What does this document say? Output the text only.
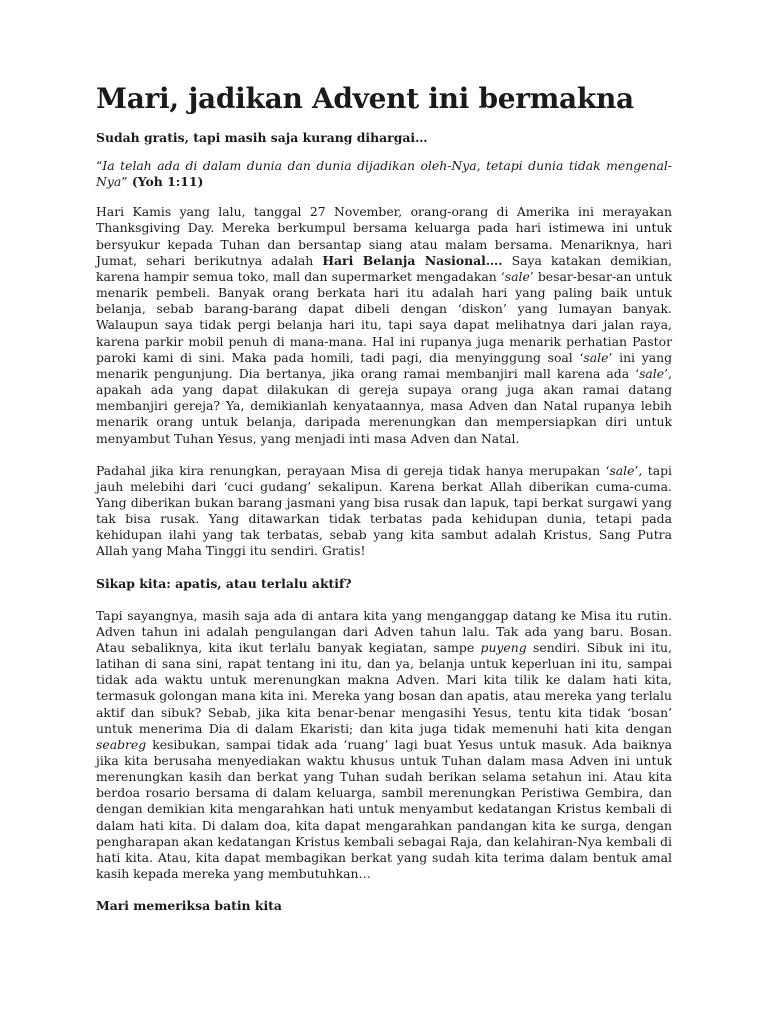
Mari, jadikan Advent ini bermakna
Sudah gratis, tapi masih saja kurang dihargai…
“Ia telah ada di dalam dunia dan dunia dijadikan oleh-Nya, tetapi dunia tidak mengenal-Nya” (Yoh 1:11)

Hari Kamis yang lalu, tanggal 27 November, orang-orang di Amerika ini merayakan Thanksgiving Day. Mereka berkumpul bersama keluarga pada hari istimewa ini untuk bersyukur kepada Tuhan dan bersantap siang atau malam bersama. Menariknya, hari Jumat, sehari berikutnya adalah Hari Belanja Nasional…. Saya katakan demikian, karena hampir semua toko, mall dan supermarket mengadakan ‘sale’ besar-besar-an untuk menarik pembeli. Banyak orang berkata hari itu adalah hari yang paling baik untuk belanja, sebab barang-barang dapat dibeli dengan ‘diskon’ yang lumayan banyak. Walaupun saya tidak pergi belanja hari itu, tapi saya dapat melihatnya dari jalan raya, karena parkir mobil penuh di mana-mana. Hal ini rupanya juga menarik perhatian Pastor paroki kami di sini. Maka pada homili, tadi pagi, dia menyinggung soal ‘sale’ ini yang menarik pengunjung. Dia bertanya, jika orang ramai membanjiri mall karena ada ‘sale’, apakah ada yang dapat dilakukan di gereja supaya orang juga akan ramai datang membanjiri gereja? Ya, demikianlah kenyataannya, masa Adven dan Natal rupanya lebih menarik orang untuk belanja, daripada merenungkan dan mempersiapkan diri untuk menyambut Tuhan Yesus, yang menjadi inti masa Adven dan Natal.

Padahal jika kira renungkan, perayaan Misa di gereja tidak hanya merupakan ‘sale’, tapi jauh melebihi dari ‘cuci gudang’ sekalipun. Karena berkat Allah diberikan cuma-cuma. Yang diberikan bukan barang jasmani yang bisa rusak dan lapuk, tapi berkat surgawi yang tak bisa rusak. Yang ditawarkan tidak terbatas pada kehidupan dunia, tetapi pada kehidupan ilahi yang tak terbatas, sebab yang kita sambut adalah Kristus, Sang Putra Allah yang Maha Tinggi itu sendiri. Gratis!

Sikap kita: apatis, atau terlalu aktif?

Tapi sayangnya, masih saja ada di antara kita yang menganggap datang ke Misa itu rutin. Adven tahun ini adalah pengulangan dari Adven tahun lalu. Tak ada yang baru. Bosan. Atau sebaliknya, kita ikut terlalu banyak kegiatan, sampe puyeng sendiri. Sibuk ini itu, latihan di sana sini, rapat tentang ini itu, dan ya, belanja untuk keperluan ini itu, sampai tidak ada waktu untuk merenungkan makna Adven. Mari kita tilik ke dalam hati kita, termasuk golongan mana kita ini. Mereka yang bosan dan apatis, atau mereka yang terlalu aktif dan sibuk? Sebab, jika kita benar-benar mengasihi Yesus, tentu kita tidak ‘bosan’ untuk menerima Dia di dalam Ekaristi; dan kita juga tidak memenuhi hati kita dengan seabreg kesibukan, sampai tidak ada ‘ruang’ lagi buat Yesus untuk masuk. Ada baiknya jika kita berusaha menyediakan waktu khusus untuk Tuhan dalam masa Adven ini untuk merenungkan kasih dan berkat yang Tuhan sudah berikan selama setahun ini. Atau kita berdoa rosario bersama di dalam keluarga, sambil merenungkan Peristiwa Gembira, dan dengan demikian kita mengarahkan hati untuk menyambut kedatangan Kristus kembali di dalam hati kita. Di dalam doa, kita dapat mengarahkan pandangan kita ke surga, dengan pengharapan akan kedatangan Kristus kembali sebagai Raja, dan kelahiran-Nya kembali di hati kita. Atau, kita dapat membagikan berkat yang sudah kita terima dalam bentuk amal kasih kepada mereka yang membutuhkan…

Mari memeriksa batin kita
